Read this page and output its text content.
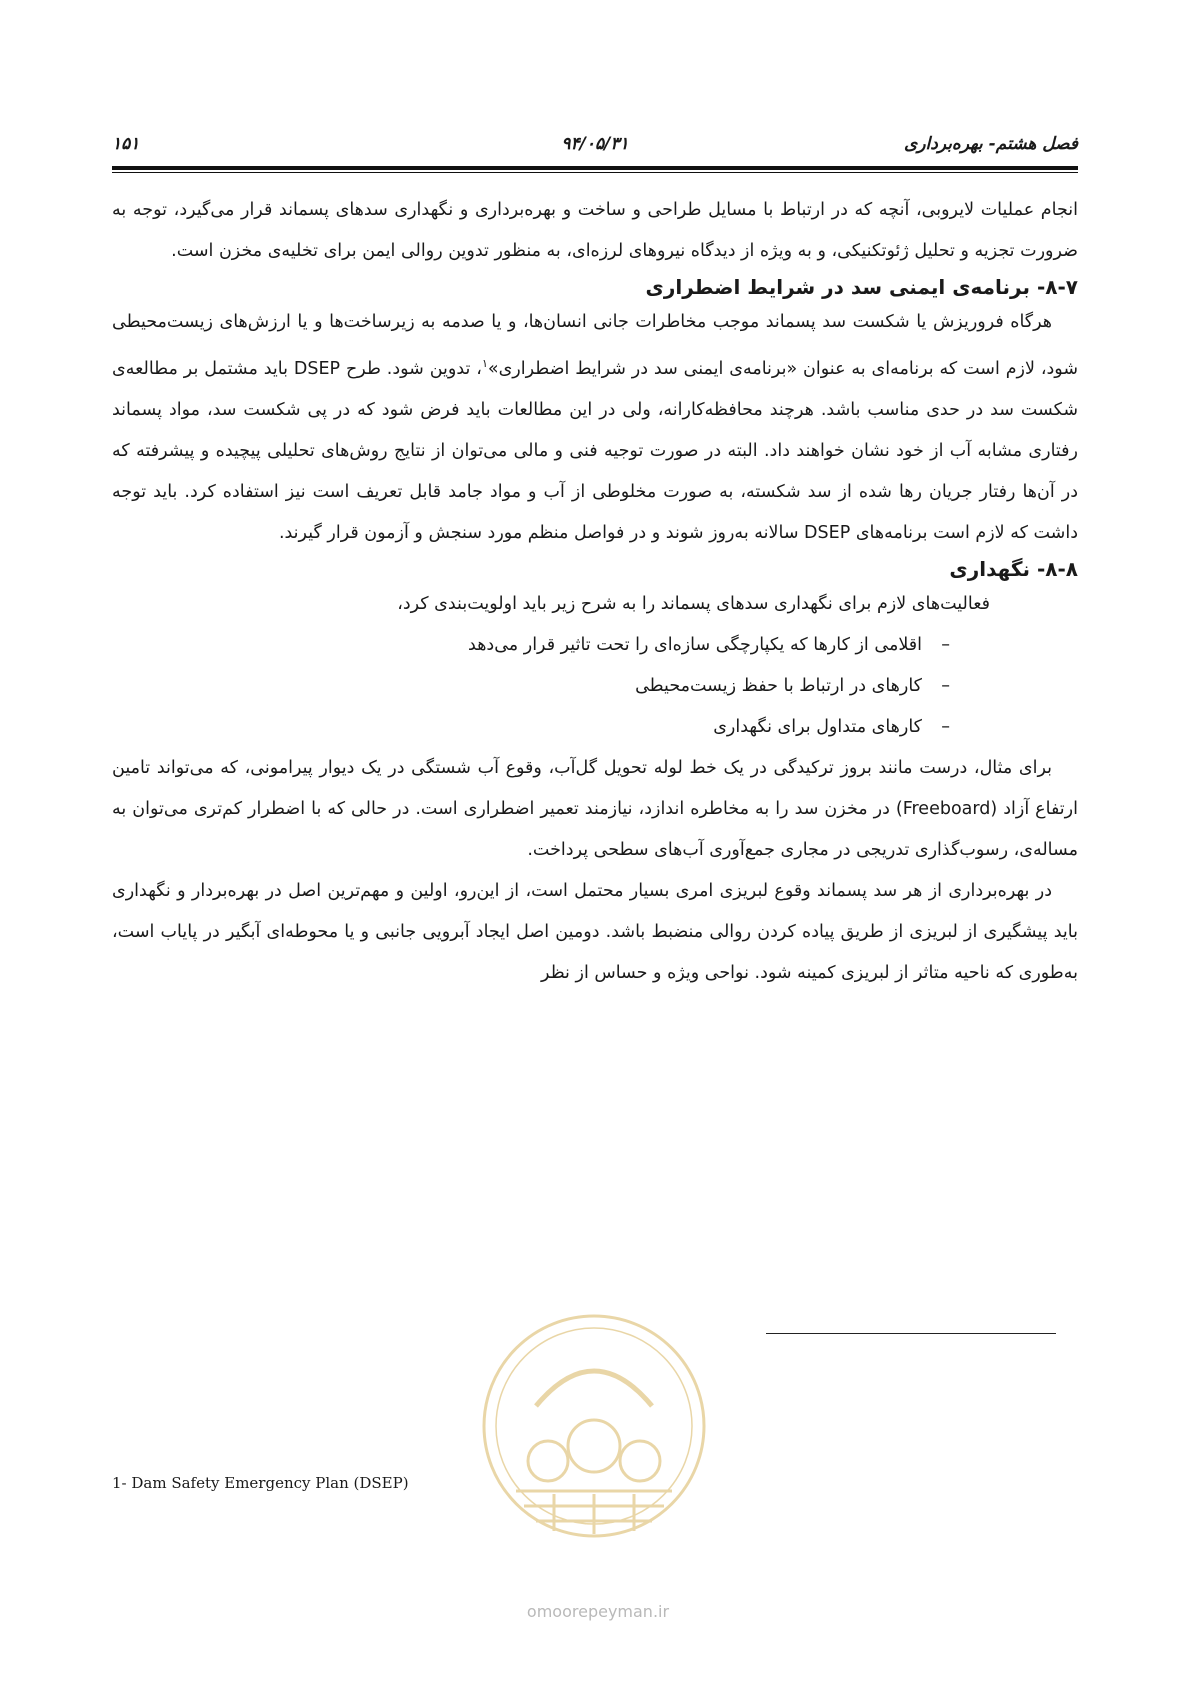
۱۵۱	۹۴/۰۵/۳۱	فصل هشتم- بهره‌برداری

انجام عملیات لایروبی، آنچه که در ارتباط با مسایل طراحی و ساخت و بهره‌برداری و نگهداری سدهای پسماند قرار می‌گیرد، توجه به ضرورت تجزیه و تحلیل ژئوتکنیکی، و به ویژه از دیدگاه نیروهای لرزه‌ای، به منظور تدوین روالی ایمن برای تخلیه‌ی مخزن است.

۸-۷- برنامه‌ی ایمنی سد در شرایط اضطراری

هرگاه فروریزش یا شکست سد پسماند موجب مخاطرات جانی انسان‌ها، و یا صدمه به زیرساخت‌ها و یا ارزش‌های زیست‌محیطی شود، لازم است که برنامه‌ای به عنوان «برنامه‌ی ایمنی سد در شرایط اضطراری»$^۱$، تدوین شود. طرح DSEP باید مشتمل بر مطالعه‌ی شکست سد در حدی مناسب باشد. هرچند محافظه‌کارانه، ولی در این مطالعات باید فرض شود که در پی شکست سد، مواد پسماند رفتاری مشابه آب از خود نشان خواهند داد. البته در صورت توجیه فنی و مالی می‌توان از نتایج روش‌های تحلیلی پیچیده و پیشرفته که در آن‌ها رفتار جریان رها شده از سد شکسته، به صورت مخلوطی از آب و مواد جامد قابل تعریف است نیز استفاده کرد. باید توجه داشت که لازم است برنامه‌های DSEP سالانه به‌روز شوند و در فواصل منظم مورد سنجش و آزمون قرار گیرند.

۸-۸- نگهداری

فعالیت‌های لازم برای نگهداری سدهای پسماند را به شرح زیر باید اولویت‌بندی کرد،

–اقلامی از کارها که یکپارچگی سازه‌ای را تحت تاثیر قرار می‌دهد
–کارهای در ارتباط با حفظ زیست‌محیطی
–کارهای متداول برای نگهداری

برای مثال، درست مانند بروز ترکیدگی در یک خط لوله تحویل گل‌آب، وقوع آب شستگی در یک دیوار پیرامونی، که می‌تواند تامین ارتفاع آزاد (Freeboard) در مخزن سد را به مخاطره اندازد، نیازمند تعمیر اضطراری است. در حالی که با اضطرار کم‌تری می‌توان به مساله‌ی، رسوب‌گذاری تدریجی در مجاری جمع‌آوری آب‌های سطحی پرداخت.

در بهره‌برداری از هر سد پسماند وقوع لبریزی امری بسیار محتمل است، از این‌رو، اولین و مهم‌ترین اصل در بهره‌بردار و نگهداری باید پیشگیری از لبریزی از طریق پیاده کردن روالی منضبط باشد. دومین اصل ایجاد آبرویی جانبی و یا محوطه‌ای آبگیر در پایاب است، به‌طوری که ناحیه متاثر از لبریزی کمینه شود. نواحی ویژه و حساس از نظر

1- Dam Safety Emergency Plan (DSEP)
omoorepeyman.ir
